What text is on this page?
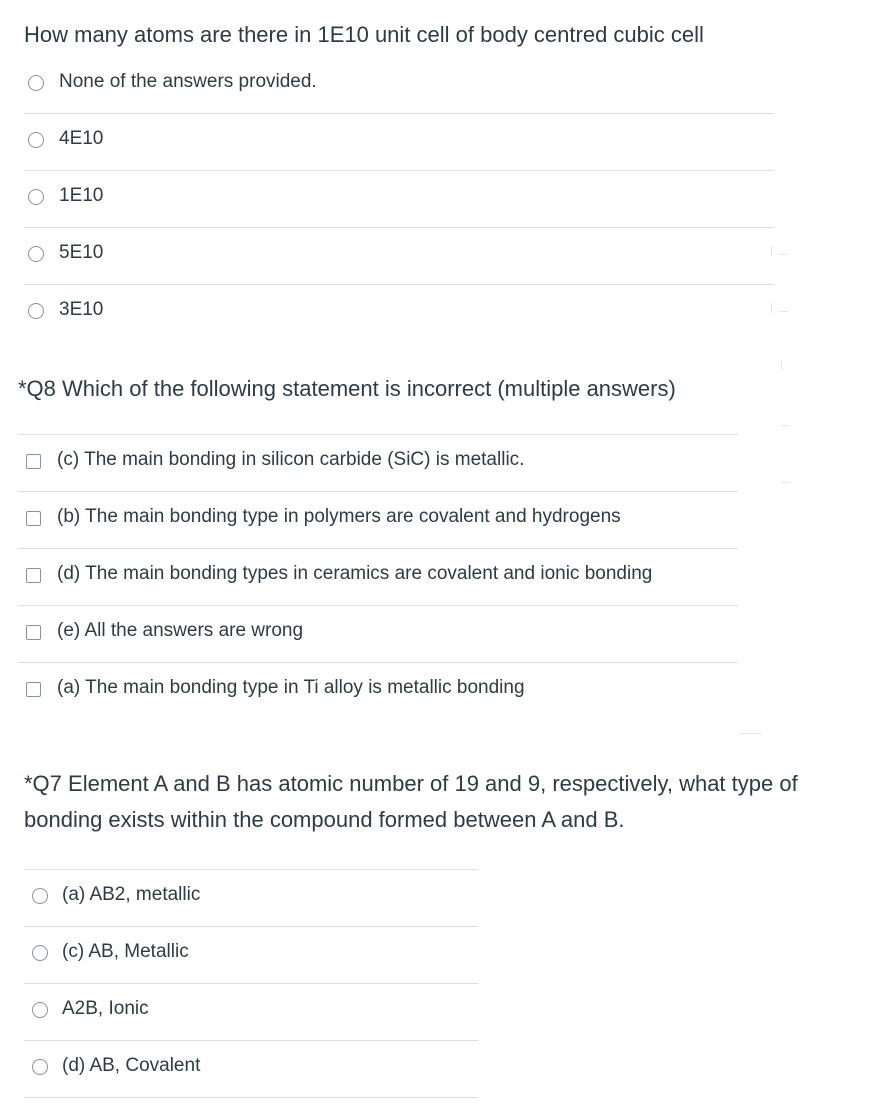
How many atoms are there in 1E10 unit cell of body centred cubic cell
None of the answers provided.
4E10
1E10
5E10
3E10
*Q8 Which of the following statement is incorrect (multiple answers)
(c) The main bonding in silicon carbide (SiC) is metallic.
(b) The main bonding type in polymers are covalent and hydrogens
(d) The main bonding types in ceramics are covalent and ionic bonding
(e) All the answers are wrong
(a) The main bonding type in Ti alloy is metallic bonding
*Q7 Element A and B has atomic number of 19 and 9, respectively, what type of bonding exists within the compound formed between A and B.
(a) AB2, metallic
(c) AB, Metallic
A2B, Ionic
(d) AB, Covalent
